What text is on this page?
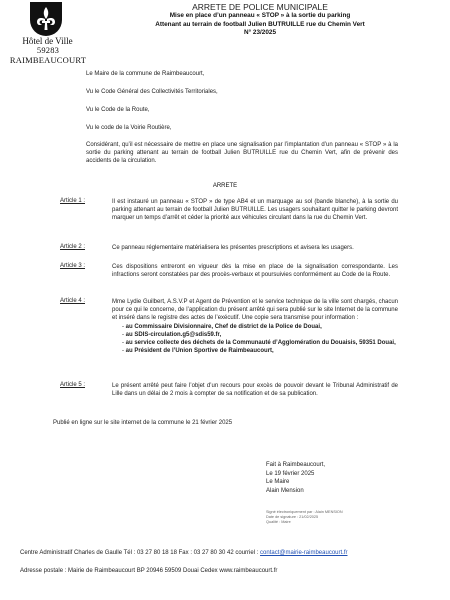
Hôtel de Ville
59283 RAIMBEAUCOURT
ARRETE DE POLICE MUNICIPALE
Mise en place d’un panneau « STOP » à la sortie du parking
Attenant au terrain de football Julien BUTRUILLE rue du Chemin Vert
N° 23/2025
Le Maire de la commune de Raimbeaucourt,
Vu le Code Général des Collectivités Territoriales,
Vu le Code de la Route,
Vu le code de la Voirie Routière,
Considérant, qu’il est nécessaire de mettre en place une signalisation par l’implantation d’un panneau « STOP » à la sortie du parking attenant au terrain de football Julien BUTRUILLE rue du Chemin Vert, afin de prévenir des accidents de la circulation.
ARRETE
Article 1 :	Il est instauré un panneau « STOP » de type AB4 et un marquage au sol (bande blanche), à la sortie du parking attenant au terrain de football Julien BUTRUILLE. Les usagers souhaitant quitter le parking devront marquer un temps d’arrêt et céder la priorité aux véhicules circulant dans la rue du Chemin Vert.
Article 2 :	Ce panneau réglementaire matérialisera les présentes prescriptions et avisera les usagers.
Article 3 :	Ces dispositions entreront en vigueur dès la mise en place de la signalisation correspondante. Les infractions seront constatées par des procès-verbaux et poursuivies conformément au Code de la Route.
Article 4 :	Mme Lydie Guilbert, A.S.V.P et Agent de Prévention et le service technique de la ville sont chargés, chacun pour ce qui le concerne, de l’application du présent arrêté qui sera publié sur le site Internet de la commune et inséré dans le registre des actes de l’exécutif. Une copie sera transmise pour information :
- au Commissaire Divisionnaire, Chef de district de la Police de Douai,
- au SDIS-circulation.g5@sdis59.fr,
- au service collecte des déchets de la Communauté d’Agglomération du Douaisis, 59351 Douai,
- au Président de l’Union Sportive de Raimbeaucourt,
Article 5 :	Le présent arrêté peut faire l’objet d’un recours pour excès de pouvoir devant le Tribunal Administratif de Lille dans un délai de 2 mois à compter de sa notification et de sa publication.
Publié en ligne sur le site internet de la commune le 21 février 2025
Fait à Raimbeaucourt,
Le 19 février 2025
Le Maire
Alain Mension
Signé électroniquement par : Alain MENSION
Date de signature : 21/02/2025
Qualité : Maire
Centre Administratif Charles de Gaulle Tél : 03 27 80 18 18 Fax : 03 27 80 30 42 courriel : contact@mairie-raimbeaucourt.fr
Adresse postale : Mairie de Raimbeaucourt BP 20946 59509 Douai Cedex www.raimbeaucourt.fr
